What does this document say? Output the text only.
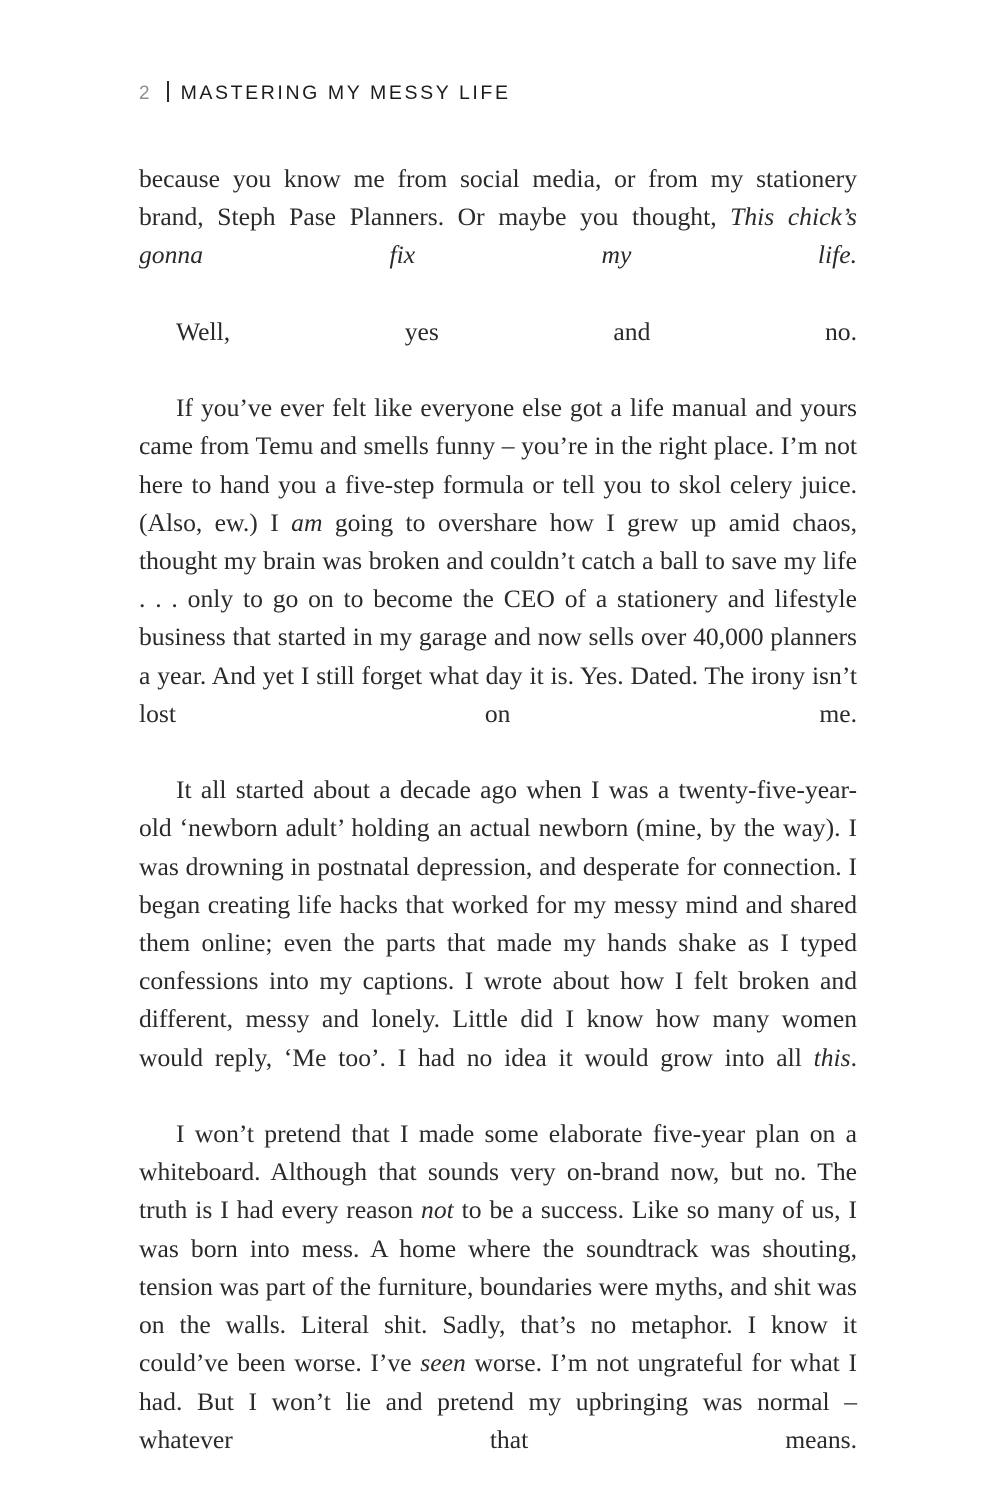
2 MASTERING MY MESSY LIFE

because you know me from social media, or from my stationery brand, Steph Pase Planners. Or maybe you thought, This chick’s gonna fix my life.

Well, yes and no.

If you’ve ever felt like everyone else got a life manual and yours came from Temu and smells funny – you’re in the right place. I’m not here to hand you a five-step formula or tell you to skol celery juice. (Also, ew.) I am going to overshare how I grew up amid chaos, thought my brain was broken and couldn’t catch a ball to save my life . . . only to go on to become the CEO of a stationery and lifestyle business that started in my garage and now sells over 40,000 planners a year. And yet I still forget what day it is. Yes. Dated. The irony isn’t lost on me.

It all started about a decade ago when I was a twenty-five-year-old ‘newborn adult’ holding an actual newborn (mine, by the way). I was drowning in postnatal depression, and desperate for connection. I began creating life hacks that worked for my messy mind and shared them online; even the parts that made my hands shake as I typed confessions into my captions. I wrote about how I felt broken and different, messy and lonely. Little did I know how many women would reply, ‘Me too’. I had no idea it would grow into all this.

I won’t pretend that I made some elaborate five-year plan on a whiteboard. Although that sounds very on-brand now, but no. The truth is I had every reason not to be a success. Like so many of us, I was born into mess. A home where the soundtrack was shouting, tension was part of the furniture, boundaries were myths, and shit was on the walls. Literal shit. Sadly, that’s no metaphor. I know it could’ve been worse. I’ve seen worse. I’m not ungrateful for what I had. But I won’t lie and pretend my upbringing was normal – whatever that means.
